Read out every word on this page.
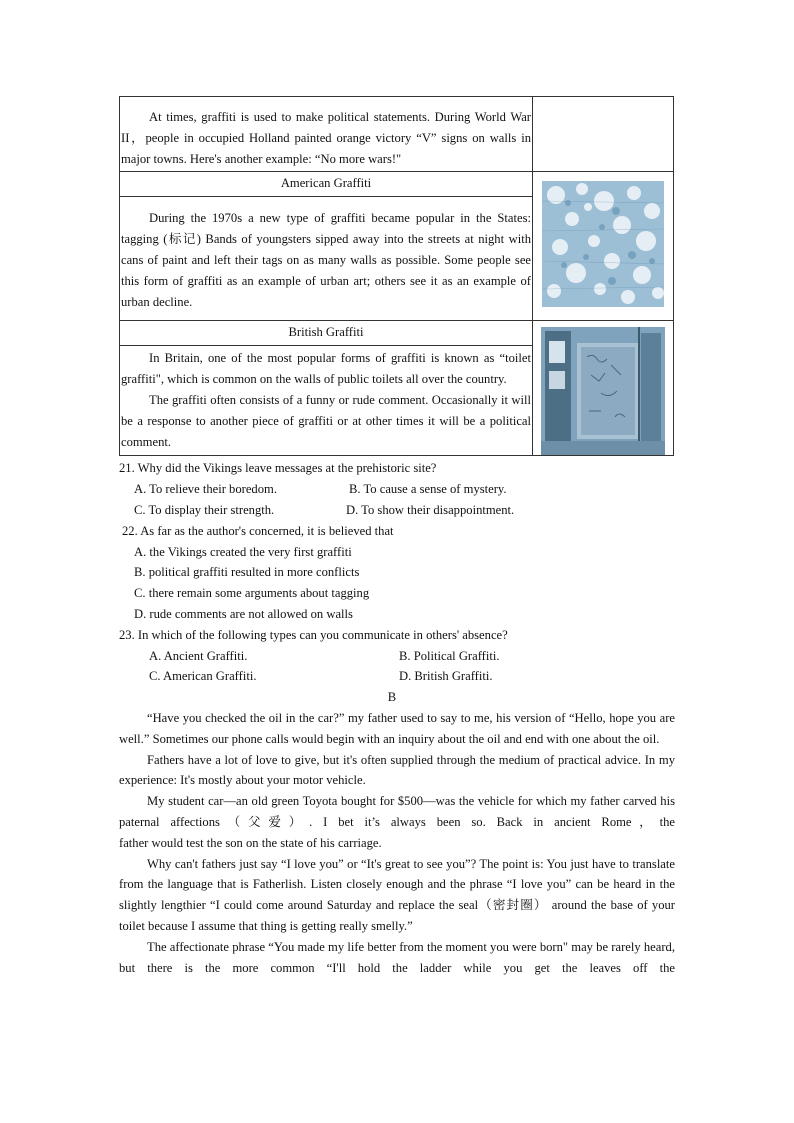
At times, graffiti is used to make political statements. During World War II，people in occupied Holland painted orange victory “V” signs on walls in major towns. Here's another example: “No more wars!"	

American Graffiti

During the 1970s a new type of graffiti became popular in the States: tagging (标记) Bands of youngsters sipped away into the streets at night with cans of paint and left their tags on as many walls as possible. Some people see this form of graffiti as an example of urban art; others see it as an example of urban decline.

British Graffiti

In Britain, one of the most popular forms of graffiti is known as “toilet graffiti", which is common on the walls of public toilets all over the country.

The graffiti often consists of a funny or rude comment. Occasionally it will be a response to another piece of graffiti or at other times it will be a political comment.

21. Why did the Vikings leave messages at the prehistoric site?

A. To relieve their boredom.	B. To cause a sense of mystery.

C. To display their strength.	D. To show their disappointment.

22. As far as the author's concerned, it is believed that

A. the Vikings created the very first graffiti

B. political graffiti resulted in more conflicts

C. there remain some arguments about tagging

D. rude comments are not allowed on walls

23. In which of the following types can you communicate in others' absence?

A. Ancient Graffiti.	B. Political Graffiti.

C. American Graffiti.	D. British Graffiti.

B

“Have you checked the oil in the car?” my father used to say to me, his version of “Hello, hope you are well.” Sometimes our phone calls would begin with an inquiry about the oil and end with one about the oil.

Fathers have a lot of love to give, but it's often supplied through the medium of practical advice. In my experience: It's mostly about your motor vehicle.

My student car—an old green Toyota bought for $500—was the vehicle for which my father carved his paternal affections（父爱）. I bet it’s always been so. Back in ancient Rome，the

father would test the son on the state of his carriage.

Why can't fathers just say “I love you” or “It's great to see you”? The point is: You just have to translate from the language that is Fatherlish. Listen closely enough and the phrase “I love you” can be heard in the slightly lengthier “I could come around Saturday and replace the seal（密封圈） around the base of your toilet because I assume that thing is getting really smelly.”

The affectionate phrase “You made my life better from the moment you were born" may be rarely heard, but there is the more common “I'll hold the ladder while you get the leaves off the
